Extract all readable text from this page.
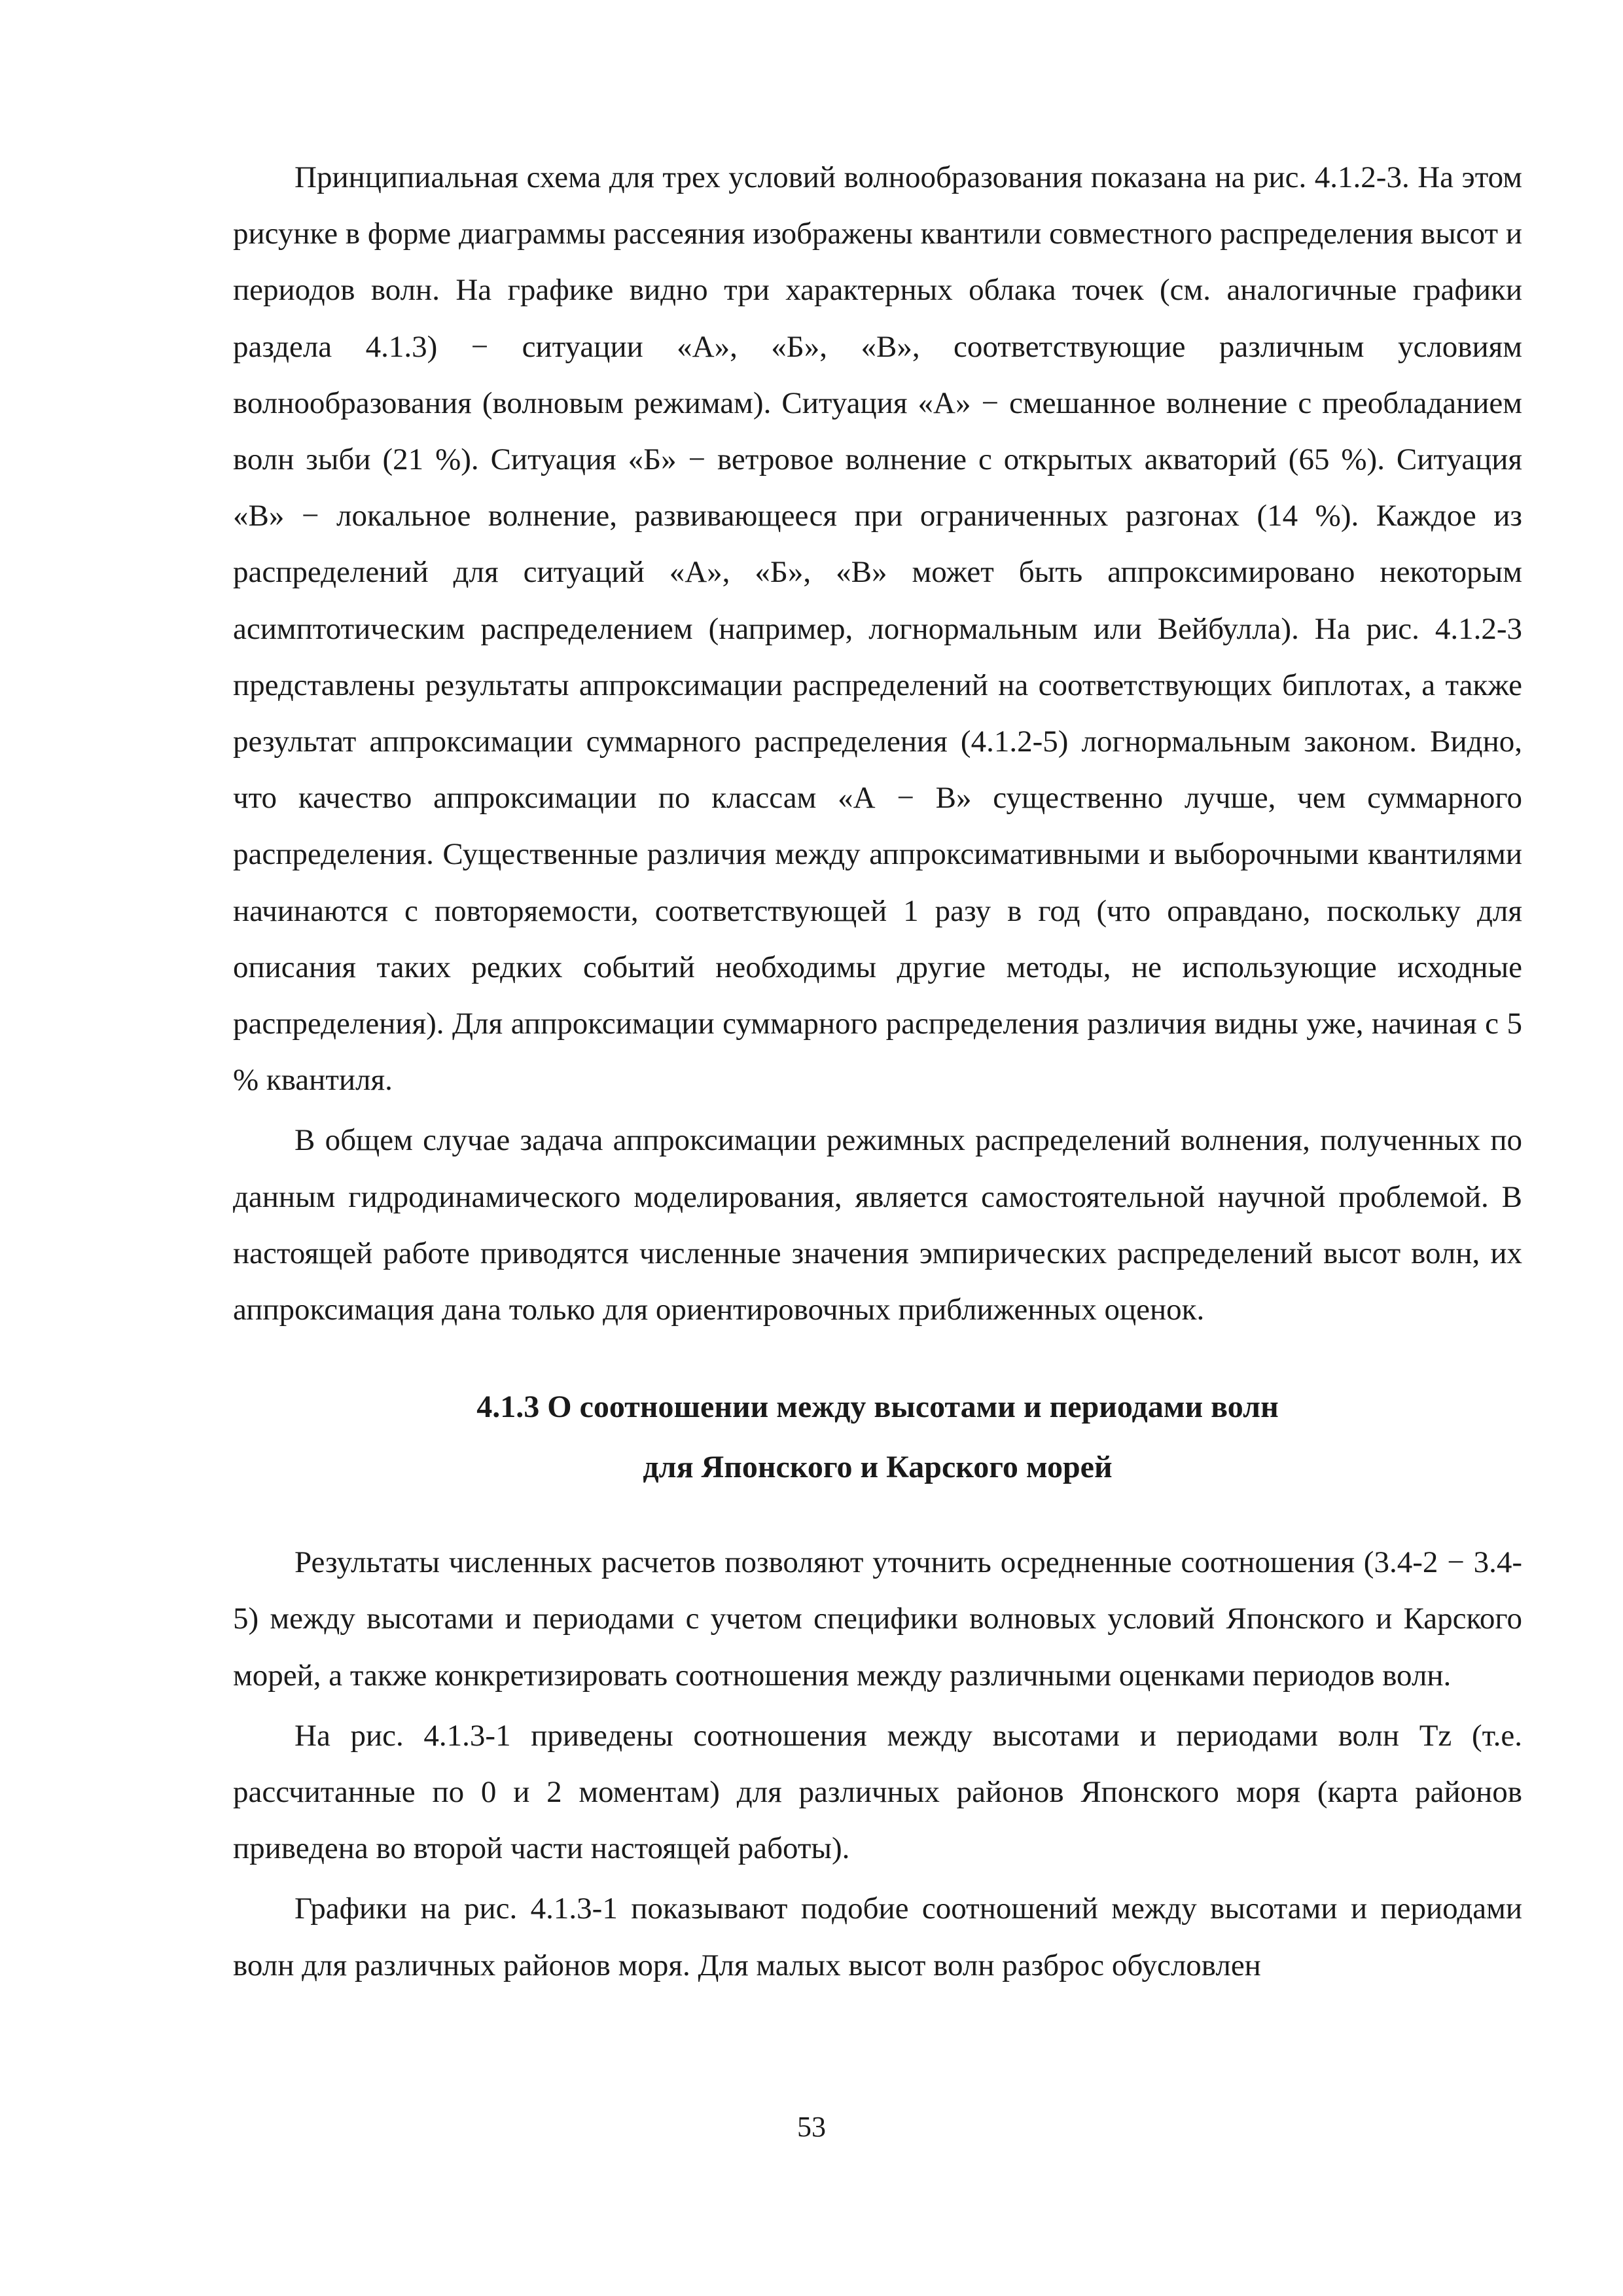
Принципиальная схема для трех условий волнообразования показана на рис. 4.1.2-3. На этом рисунке в форме диаграммы рассеяния изображены квантили совместного распределения высот и периодов волн. На графике видно три характерных облака точек (см. аналогичные графики раздела 4.1.3) − ситуации «А», «Б», «В», соответствующие различным условиям волнообразования (волновым режимам). Ситуация «А» − смешанное волнение с преобладанием волн зыби (21 %). Ситуация «Б» − ветровое волнение с открытых акваторий (65 %). Ситуация «В» − локальное волнение, развивающееся при ограниченных разгонах (14 %). Каждое из распределений для ситуаций «А», «Б», «В» может быть аппроксимировано некоторым асимптотическим распределением (например, логнормальным или Вейбулла). На рис. 4.1.2-3 представлены результаты аппроксимации распределений на соответствующих биплотах, а также результат аппроксимации суммарного распределения (4.1.2-5) логнормальным законом. Видно, что качество аппроксимации по классам «А − В» существенно лучше, чем суммарного распределения. Существенные различия между аппроксимативными и выборочными квантилями начинаются с повторяемости, соответствующей 1 разу в год (что оправдано, поскольку для описания таких редких событий необходимы другие методы, не использующие исходные распределения). Для аппроксимации суммарного распределения различия видны уже, начиная с 5 % квантиля.

В общем случае задача аппроксимации режимных распределений волнения, полученных по данным гидродинамического моделирования, является самостоятельной научной проблемой. В настоящей работе приводятся численные значения эмпирических распределений высот волн, их аппроксимация дана только для ориентировочных приближенных оценок.

4.1.3 О соотношении между высотами и периодами волн
для Японского и Карского морей

Результаты численных расчетов позволяют уточнить осредненные соотношения (3.4-2 − 3.4-5) между высотами и периодами с учетом специфики волновых условий Японского и Карского морей, а также конкретизировать соотношения между различными оценками периодов волн.

На рис. 4.1.3-1 приведены соотношения между высотами и периодами волн Tz (т.е. рассчитанные по 0 и 2 моментам) для различных районов Японского моря (карта районов приведена во второй части настоящей работы).

Графики на рис. 4.1.3-1 показывают подобие соотношений между высотами и периодами волн для различных районов моря. Для малых высот волн разброс обусловлен

53
